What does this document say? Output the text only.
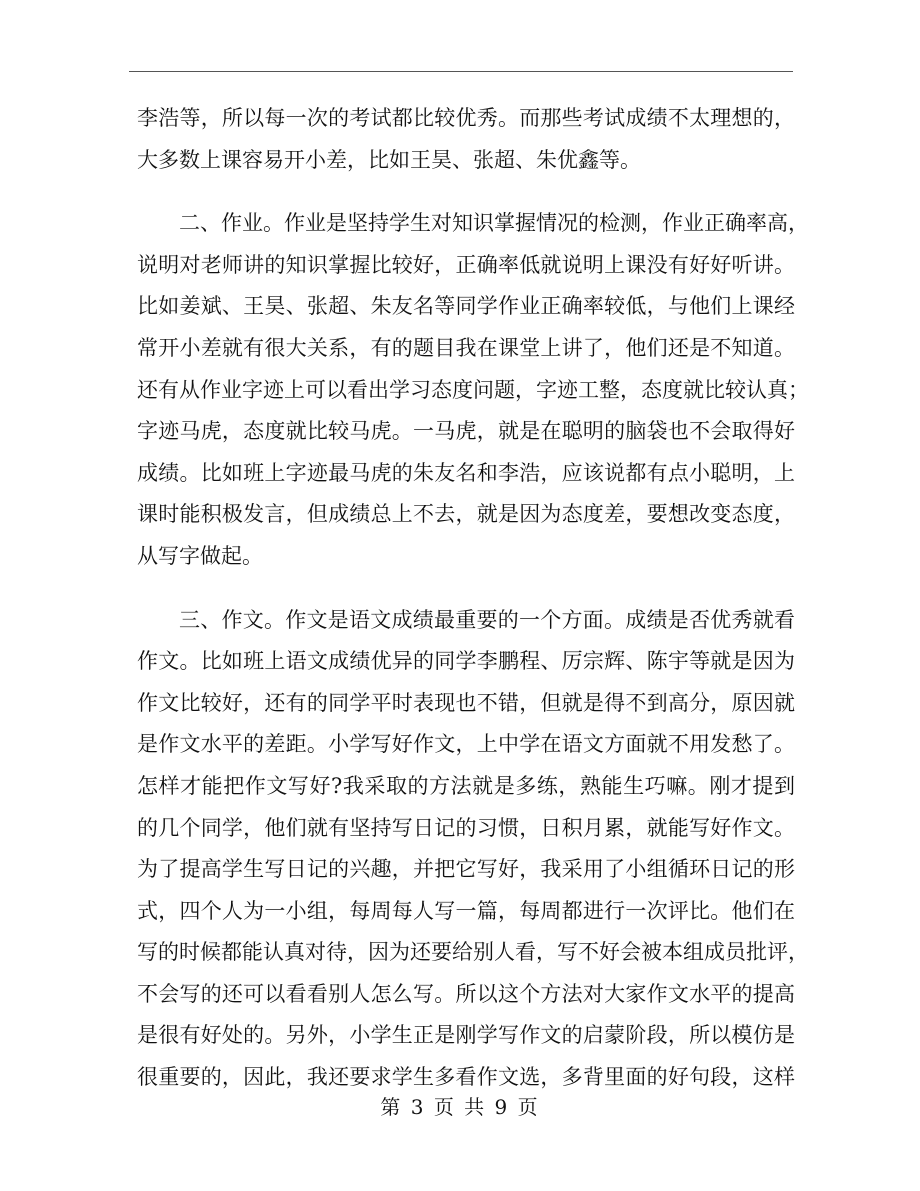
李浩等，所以每一次的考试都比较优秀。而那些考试成绩不太理想的，
大多数上课容易开小差，比如王昊、张超、朱优鑫等。
二、作业。作业是坚持学生对知识掌握情况的检测，作业正确率高，
说明对老师讲的知识掌握比较好，正确率低就说明上课没有好好听讲。
比如姜斌、王昊、张超、朱友名等同学作业正确率较低，与他们上课经
常开小差就有很大关系，有的题目我在课堂上讲了，他们还是不知道。
还有从作业字迹上可以看出学习态度问题，字迹工整，态度就比较认真；
字迹马虎，态度就比较马虎。一马虎，就是在聪明的脑袋也不会取得好
成绩。比如班上字迹最马虎的朱友名和李浩，应该说都有点小聪明，上
课时能积极发言，但成绩总上不去，就是因为态度差，要想改变态度，
从写字做起。
三、作文。作文是语文成绩最重要的一个方面。成绩是否优秀就看
作文。比如班上语文成绩优异的同学李鹏程、厉宗辉、陈宇等就是因为
作文比较好，还有的同学平时表现也不错，但就是得不到高分，原因就
是作文水平的差距。小学写好作文，上中学在语文方面就不用发愁了。
怎样才能把作文写好?我采取的方法就是多练，熟能生巧嘛。刚才提到
的几个同学，他们就有坚持写日记的习惯，日积月累，就能写好作文。
为了提高学生写日记的兴趣，并把它写好，我采用了小组循环日记的形
式，四个人为一小组，每周每人写一篇，每周都进行一次评比。他们在
写的时候都能认真对待，因为还要给别人看，写不好会被本组成员批评，
不会写的还可以看看别人怎么写。所以这个方法对大家作文水平的提高
是很有好处的。另外，小学生正是刚学写作文的启蒙阶段，所以模仿是
很重要的，因此，我还要求学生多看作文选，多背里面的好句段，这样
第 3 页 共 9 页
